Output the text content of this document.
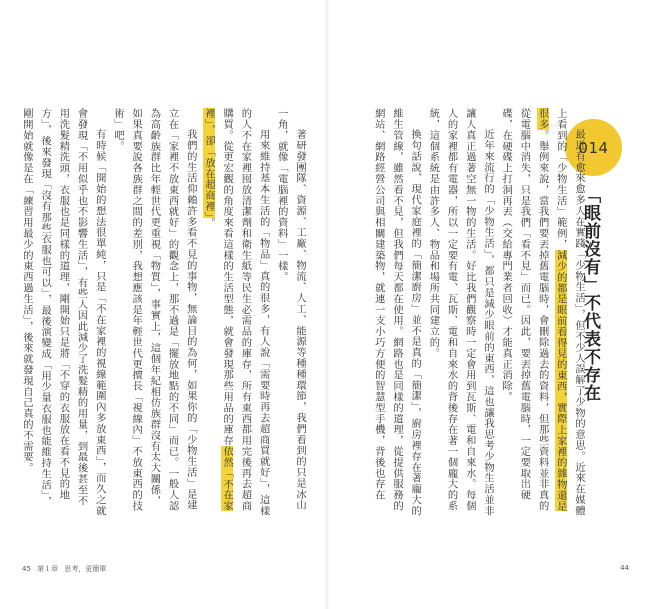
著研發團隊、資源、工廠、物流、人工、能源等種種環節，我們看到的只是冰山一角，就像「電腦裡的資料」一樣。

用來維持基本生活的「物品」真的很多，有人說「需要時再去超商買就好」，這樣的人不在家裡囤放清潔劑和衛生紙等民生必需品的庫存，所有東西都用完後再去超商購買。從更宏觀的角度來看這樣的生活型態，就會發現那些用品的庫存依然「不在家裡」，卻「放在超商裡」。

我們的生活仰賴許多看不見的事物，無論目的為何，如果你的「少物生活」是建立在「家裡不放東西就好」的觀念上，那不過是「擺放地點的不同」而已。一般人認為高齡族群比年輕世代更重視「物質」，事實上，這個年紀相仿族群沒有太大關係，如果真要說各族群之間的差別，我想應該是年輕世代更擅長「視線內」不放東西的技術」吧。

有時候「開始的想法很單純，只是「不在家裡的視線範圍內多放東西」，而久之就會發現「不用似乎也不影響生活」，有些人因此減少了洗髮精的用量，到最後甚至不用洗髮精洗頭，衣服也是同樣的道理，剛開始只是將「不穿的衣服放在看不見的地方」，後來發現「沒有那些衣服也可以」，最後演變成「用少量衣服也能維持生活」，剛開始就像是在「練習用最少的東西過生活」，後來就發現自己真的不需要。

45 第１章 思考，更簡單
014
「眼前沒有」不代表不存在

最近有愈來愈多人在實踐「少物生活」，但不少人誤解了少物的意思。近來在媒體上看到的「少物生活」範例，減少的都是眼前看得見的東西，實際上家裡的雜物還是很多。舉例來說，當我們要丟掉舊電腦時，會刪除過去的資料，但那些資料並非真的從電腦中消失，只是我們「看不見」而已。因此，要丟掉舊電腦時，一定要取出硬碟，在硬碟上打洞再丟（交給專門業者回收）才能真正消除。

近年來流行的「少物生活」，都只是減少眼前的東西，這也讓我思考少物生活並非讓人真正過著空無一物的生活。好比我們觀察時一定會用到瓦斯、電和自來水。每個人的家裡都有電器，所以一定要有電、瓦斯、電和自來水的背後存在著一個龐大的系統，這個系統是由許多人、物品和場所共同建立的。

換句話說，現代家庭裡的「簡潔廚房」並不是真的「簡潔」，廚房裡存在著龐大的維生管線，雖然看不見，但我們每天都在使用。網路也是同樣的道理，從提供服務的網站、網路經營公司與相關建築物，就連一支小巧方便的智慧型手機，背後也存在

44
